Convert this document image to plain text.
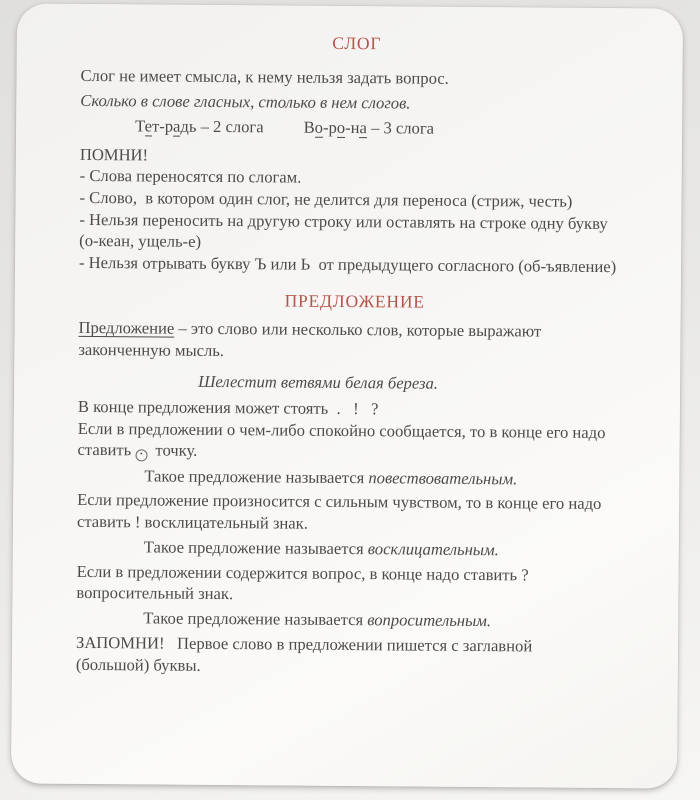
СЛОГ

Слог не имеет смысла, к нему нельзя задать вопрос.

Сколько в слове гласных, столько в нем слогов.

Тет-радь – 2 слога Во-ро-на – 3 слога

ПОМНИ!

- Слова переносятся по слогам.

- Слово,  в котором один слог, не делится для переноса (стриж, честь)

- Нельзя переносить на другую строку или оставлять на строке одну букву
(о-кеан, ущель-е)

- Нельзя отрывать букву Ъ или Ь  от предыдущего согласного (об-ъявление)

ПРЕДЛОЖЕНИЕ

Предложение – это слово или несколько слов, которые выражают
законченную мысль.

Шелестит ветвями белая береза.

В конце предложения может стоять  .   !   ?

Если в предложении о чем-либо спокойно сообщается, то в конце его надо
ставить · точку.

Такое предложение называется повествовательным.

Если предложение произносится с сильным чувством, то в конце его надо
ставить ! восклицательный знак.

Такое предложение называется восклицательным.

Если в предложении содержится вопрос, в конце надо ставить ?
вопросительный знак.

Такое предложение называется вопросительным.

ЗАПОМНИ!   Первое слово в предложении пишется с заглавной
(большой) буквы.
